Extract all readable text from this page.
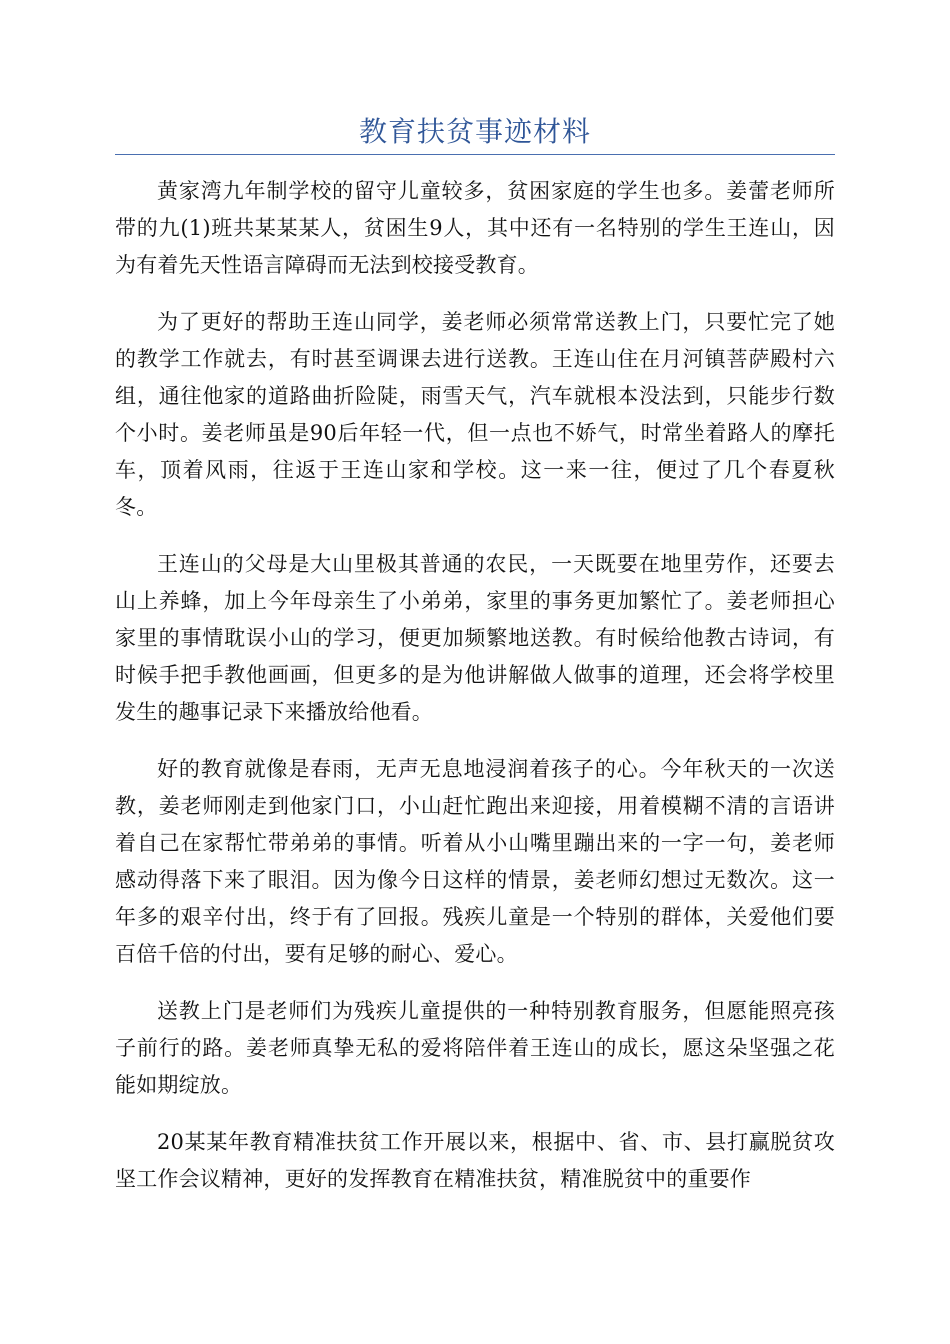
教育扶贫事迹材料

黄家湾九年制学校的留守儿童较多，贫困家庭的学生也多。姜蕾老师所带的九(1)班共某某某人，贫困生9人，其中还有一名特别的学生王连山，因为有着先天性语言障碍而无法到校接受教育。

为了更好的帮助王连山同学，姜老师必须常常送教上门，只要忙完了她的教学工作就去，有时甚至调课去进行送教。王连山住在月河镇菩萨殿村六组，通往他家的道路曲折险陡，雨雪天气，汽车就根本没法到，只能步行数个小时。姜老师虽是90后年轻一代，但一点也不娇气，时常坐着路人的摩托车，顶着风雨，往返于王连山家和学校。这一来一往，便过了几个春夏秋冬。

王连山的父母是大山里极其普通的农民，一天既要在地里劳作，还要去山上养蜂，加上今年母亲生了小弟弟，家里的事务更加繁忙了。姜老师担心家里的事情耽误小山的学习，便更加频繁地送教。有时候给他教古诗词，有时候手把手教他画画，但更多的是为他讲解做人做事的道理，还会将学校里发生的趣事记录下来播放给他看。

好的教育就像是春雨，无声无息地浸润着孩子的心。今年秋天的一次送教，姜老师刚走到他家门口，小山赶忙跑出来迎接，用着模糊不清的言语讲着自己在家帮忙带弟弟的事情。听着从小山嘴里蹦出来的一字一句，姜老师感动得落下来了眼泪。因为像今日这样的情景，姜老师幻想过无数次。这一年多的艰辛付出，终于有了回报。残疾儿童是一个特别的群体，关爱他们要百倍千倍的付出，要有足够的耐心、爱心。

送教上门是老师们为残疾儿童提供的一种特别教育服务，但愿能照亮孩子前行的路。姜老师真挚无私的爱将陪伴着王连山的成长，愿这朵坚强之花能如期绽放。

20某某年教育精准扶贫工作开展以来，根据中、省、市、县打赢脱贫攻坚工作会议精神，更好的发挥教育在精准扶贫，精准脱贫中的重要作
